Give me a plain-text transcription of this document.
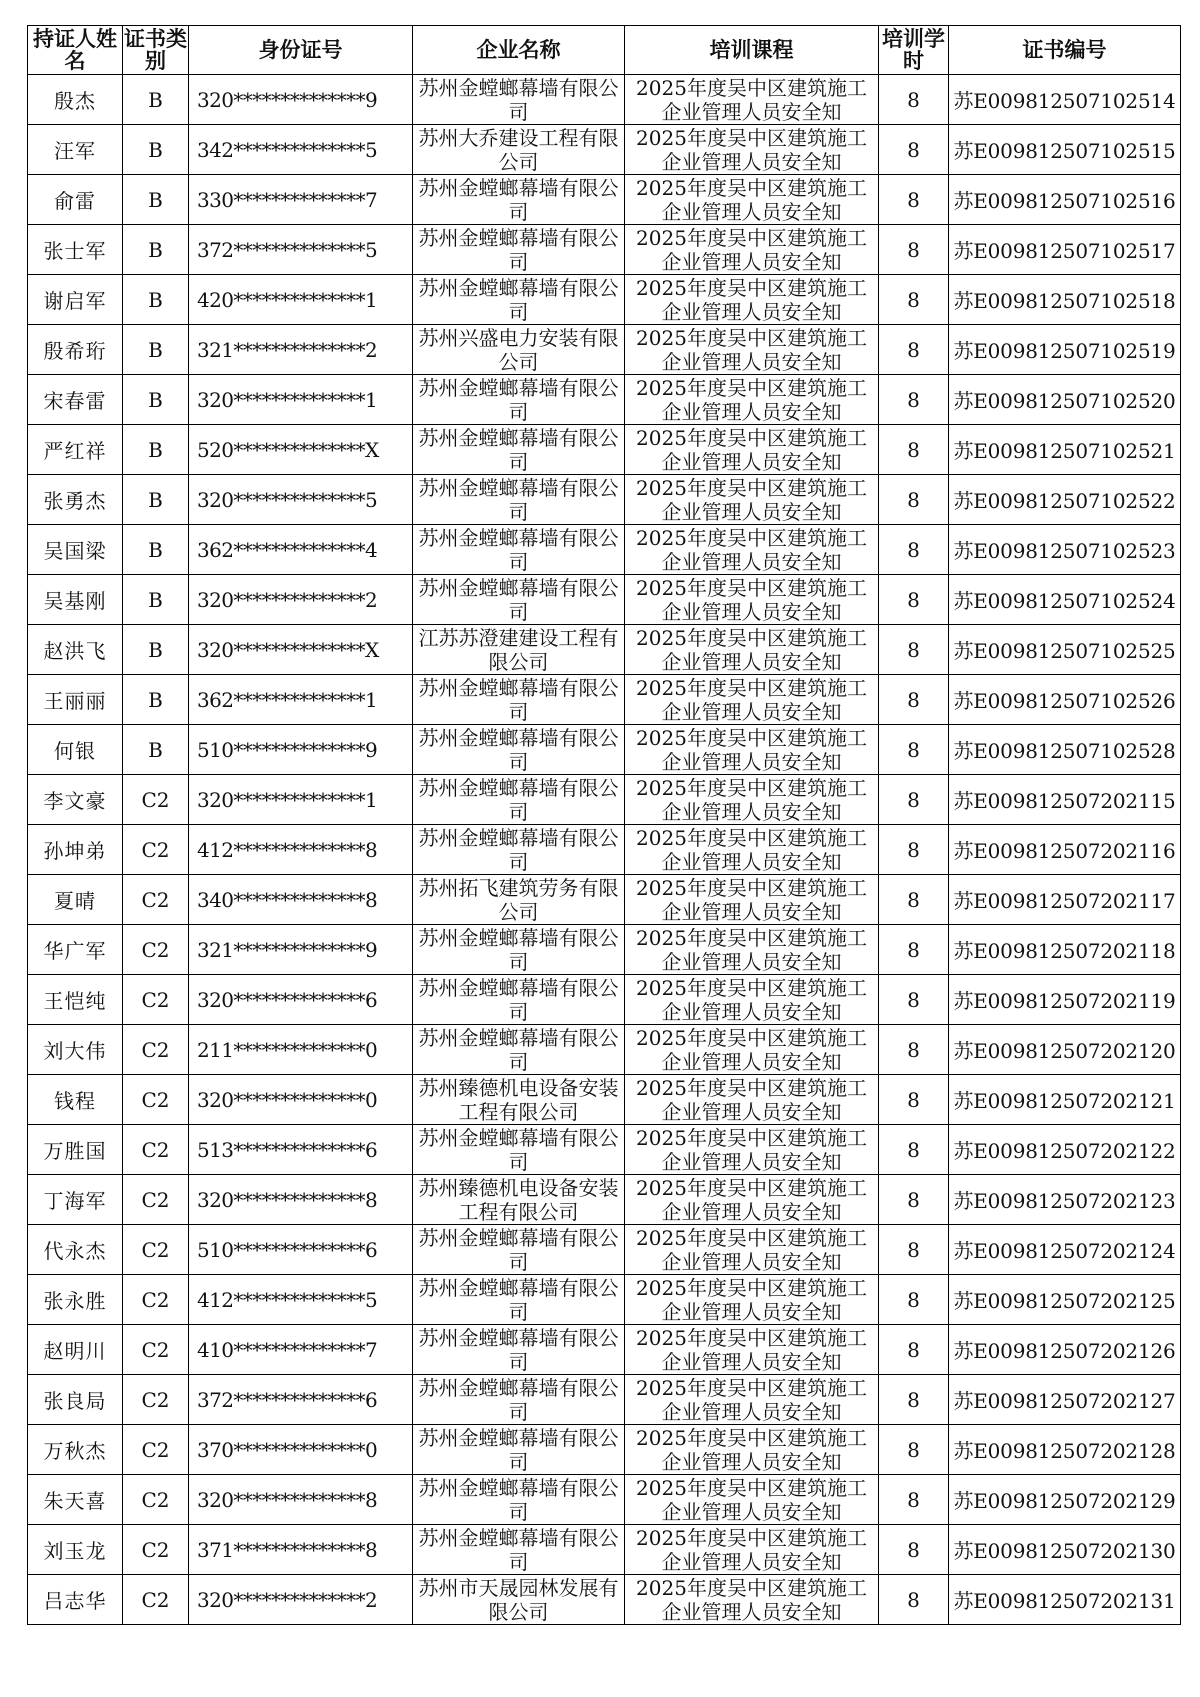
持证人姓名	证书类别	身份证号	企业名称	培训课程	培训学时	证书编号
殷杰	B	320**************9	苏州金螳螂幕墙有限公司	2025年度吴中区建筑施工企业管理人员安全知	8	苏E009812507102514
汪军	B	342**************5	苏州大乔建设工程有限公司	2025年度吴中区建筑施工企业管理人员安全知	8	苏E009812507102515
俞雷	B	330**************7	苏州金螳螂幕墙有限公司	2025年度吴中区建筑施工企业管理人员安全知	8	苏E009812507102516
张士军	B	372**************5	苏州金螳螂幕墙有限公司	2025年度吴中区建筑施工企业管理人员安全知	8	苏E009812507102517
谢启军	B	420**************1	苏州金螳螂幕墙有限公司	2025年度吴中区建筑施工企业管理人员安全知	8	苏E009812507102518
殷希珩	B	321**************2	苏州兴盛电力安装有限公司	2025年度吴中区建筑施工企业管理人员安全知	8	苏E009812507102519
宋春雷	B	320**************1	苏州金螳螂幕墙有限公司	2025年度吴中区建筑施工企业管理人员安全知	8	苏E009812507102520
严红祥	B	520**************X	苏州金螳螂幕墙有限公司	2025年度吴中区建筑施工企业管理人员安全知	8	苏E009812507102521
张勇杰	B	320**************5	苏州金螳螂幕墙有限公司	2025年度吴中区建筑施工企业管理人员安全知	8	苏E009812507102522
吴国梁	B	362**************4	苏州金螳螂幕墙有限公司	2025年度吴中区建筑施工企业管理人员安全知	8	苏E009812507102523
吴基刚	B	320**************2	苏州金螳螂幕墙有限公司	2025年度吴中区建筑施工企业管理人员安全知	8	苏E009812507102524
赵洪飞	B	320**************X	江苏苏澄建建设工程有限公司	2025年度吴中区建筑施工企业管理人员安全知	8	苏E009812507102525
王丽丽	B	362**************1	苏州金螳螂幕墙有限公司	2025年度吴中区建筑施工企业管理人员安全知	8	苏E009812507102526
何银	B	510**************9	苏州金螳螂幕墙有限公司	2025年度吴中区建筑施工企业管理人员安全知	8	苏E009812507102528
李文豪	C2	320**************1	苏州金螳螂幕墙有限公司	2025年度吴中区建筑施工企业管理人员安全知	8	苏E009812507202115
孙坤弟	C2	412**************8	苏州金螳螂幕墙有限公司	2025年度吴中区建筑施工企业管理人员安全知	8	苏E009812507202116
夏晴	C2	340**************8	苏州拓飞建筑劳务有限公司	2025年度吴中区建筑施工企业管理人员安全知	8	苏E009812507202117
华广军	C2	321**************9	苏州金螳螂幕墙有限公司	2025年度吴中区建筑施工企业管理人员安全知	8	苏E009812507202118
王恺纯	C2	320**************6	苏州金螳螂幕墙有限公司	2025年度吴中区建筑施工企业管理人员安全知	8	苏E009812507202119
刘大伟	C2	211**************0	苏州金螳螂幕墙有限公司	2025年度吴中区建筑施工企业管理人员安全知	8	苏E009812507202120
钱程	C2	320**************0	苏州臻德机电设备安装工程有限公司	2025年度吴中区建筑施工企业管理人员安全知	8	苏E009812507202121
万胜国	C2	513**************6	苏州金螳螂幕墙有限公司	2025年度吴中区建筑施工企业管理人员安全知	8	苏E009812507202122
丁海军	C2	320**************8	苏州臻德机电设备安装工程有限公司	2025年度吴中区建筑施工企业管理人员安全知	8	苏E009812507202123
代永杰	C2	510**************6	苏州金螳螂幕墙有限公司	2025年度吴中区建筑施工企业管理人员安全知	8	苏E009812507202124
张永胜	C2	412**************5	苏州金螳螂幕墙有限公司	2025年度吴中区建筑施工企业管理人员安全知	8	苏E009812507202125
赵明川	C2	410**************7	苏州金螳螂幕墙有限公司	2025年度吴中区建筑施工企业管理人员安全知	8	苏E009812507202126
张良局	C2	372**************6	苏州金螳螂幕墙有限公司	2025年度吴中区建筑施工企业管理人员安全知	8	苏E009812507202127
万秋杰	C2	370**************0	苏州金螳螂幕墙有限公司	2025年度吴中区建筑施工企业管理人员安全知	8	苏E009812507202128
朱天喜	C2	320**************8	苏州金螳螂幕墙有限公司	2025年度吴中区建筑施工企业管理人员安全知	8	苏E009812507202129
刘玉龙	C2	371**************8	苏州金螳螂幕墙有限公司	2025年度吴中区建筑施工企业管理人员安全知	8	苏E009812507202130
吕志华	C2	320**************2	苏州市天晟园林发展有限公司	2025年度吴中区建筑施工企业管理人员安全知	8	苏E009812507202131
